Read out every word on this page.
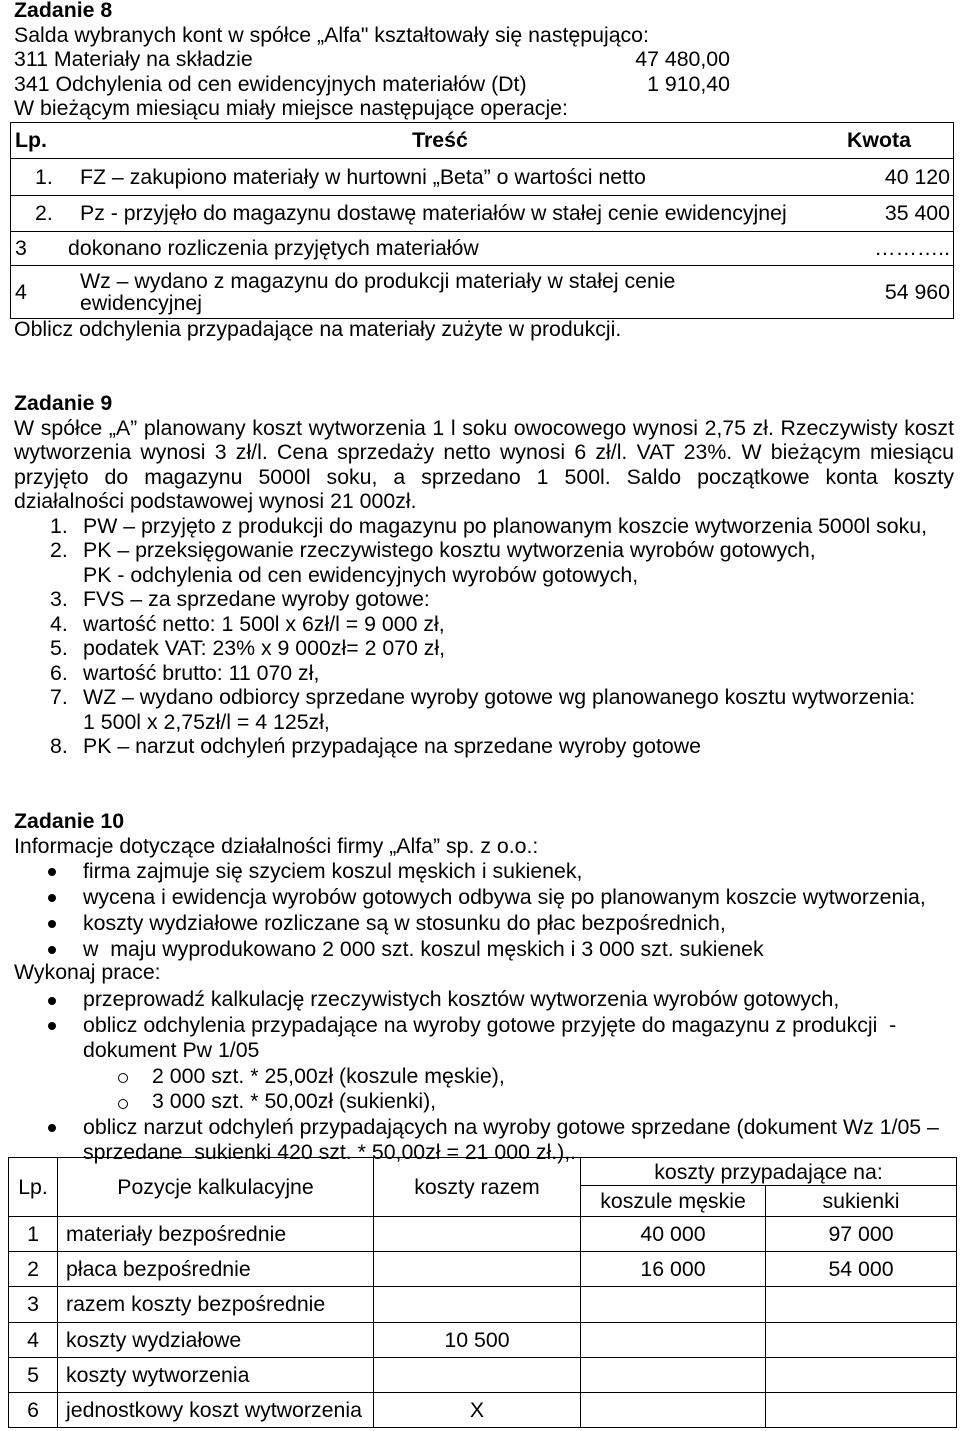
Zadanie 8
Salda wybranych kont w spółce „Alfa" kształtowały się następująco:
311 Materiały na składzie	47 480,00
341 Odchylenia od cen ewidencyjnych materiałów (Dt)	1 910,40
W bieżącym miesiącu miały miejsce następujące operacje:
Lp.	Treść	Kwota
1.	FZ – zakupiono materiały w hurtowni „Beta” o wartości netto	40 120
2.	Pz - przyjęło do magazynu dostawę materiałów w stałej cenie ewidencyjnej	35 400
3	dokonano rozliczenia przyjętych materiałów	………..
4	Wz – wydano z magazynu do produkcji materiały w stałej cenie ewidencyjnej	54 960
Oblicz odchylenia przypadające na materiały zużyte w produkcji.
Zadanie 9
W spółce „A” planowany koszt wytworzenia 1 l soku owocowego wynosi 2,75 zł. Rzeczywisty koszt
wytworzenia wynosi 3 zł/l. Cena sprzedaży netto wynosi 6 zł/l. VAT 23%. W bieżącym miesiącu
przyjęto do magazynu 5000l soku, a sprzedano 1 500l. Saldo początkowe konta koszty
działalności podstawowej wynosi 21 000zł.

1.

PW – przyjęto z produkcji do magazynu po planowanym koszcie wytworzenia 5000l soku,

2.

PK – przeksięgowanie rzeczywistego kosztu wytworzenia wyrobów gotowych,

PK - odchylenia od cen ewidencyjnych wyrobów gotowych,

3.

FVS – za sprzedane wyroby gotowe:

4.

wartość netto: 1 500l x 6zł/l = 9 000 zł,

5.

podatek VAT: 23% x 9 000zł= 2 070 zł,

6.

wartość brutto: 11 070 zł,

7.

WZ – wydano odbiorcy sprzedane wyroby gotowe wg planowanego kosztu wytworzenia:

1 500l x 2,75zł/l = 4 125zł,

8.

PK – narzut odchyleń przypadające na sprzedane wyroby gotowe

Zadanie 10
Informacje dotyczące działalności firmy „Alfa” sp. z o.o.:

firma zajmuje się szyciem koszul męskich i sukienek,

wycena i ewidencja wyrobów gotowych odbywa się po planowanym koszcie wytworzenia,

koszty wydziałowe rozliczane są w stosunku do płac bezpośrednich,

w  maju wyprodukowano 2 000 szt. koszul męskich i 3 000 szt. sukienek

Wykonaj prace:

przeprowadź kalkulację rzeczywistych kosztów wytworzenia wyrobów gotowych,

oblicz odchylenia przypadające na wyroby gotowe przyjęte do magazynu z produkcji  -

dokument Pw 1/05

2 000 szt. * 25,00zł (koszule męskie),

3 000 szt. * 50,00zł (sukienki),

oblicz narzut odchyleń przypadających na wyroby gotowe sprzedane (dokument Wz 1/05 –

sprzedane  sukienki 420 szt. * 50,00zł = 21 000 zł.),.

Lp.	Pozycje kalkulacyjne	koszty razem	koszty przypadające na:	
			koszule męskie	sukienki
1	materiały bezpośrednie		40 000	97 000
2	płaca bezpośrednie		16 000	54 000
3	razem koszty bezpośrednie			
4	koszty wydziałowe	10 500		
5	koszty wytworzenia			
6	jednostkowy koszt wytworzenia	X		
